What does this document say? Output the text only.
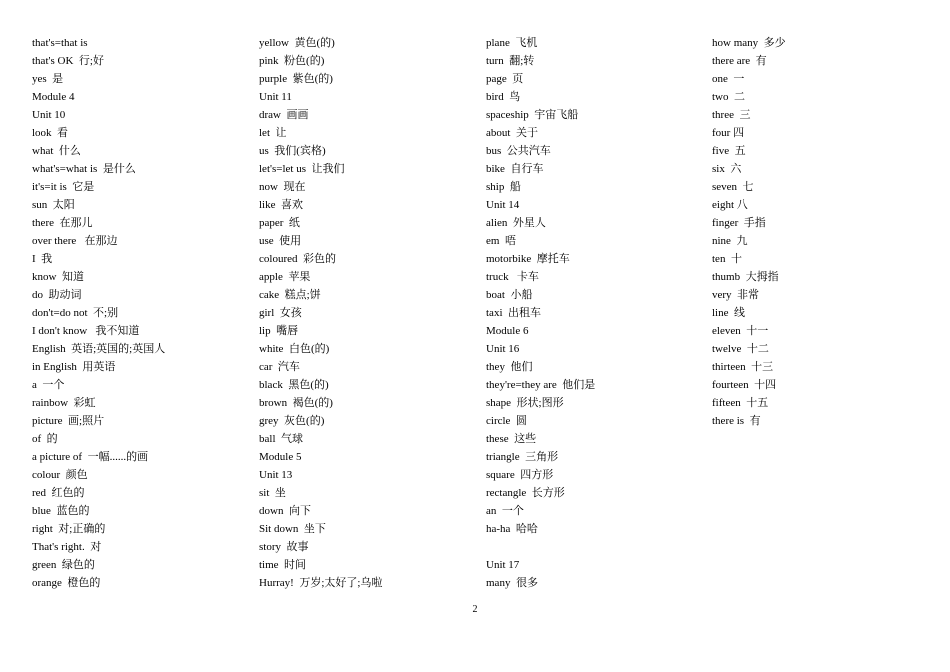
that's=that is
that's OK  行;好
yes  是
Module 4
Unit 10
look  看
what  什么
what's=what is  是什么
it's=it is  它是
sun  太阳
there  在那儿
over there   在那边
I  我
know  知道
do  助动词
don't=do not  不;别
I don't know   我不知道
English  英语;英国的;英国人
in English  用英语
a  一个
rainbow  彩虹
picture  画;照片
of  的
a picture of  一幅......的画
colour  颜色
red  红色的
blue  蓝色的
right  对;正确的
That's right.  对
green  绿色的
orange  橙色的
yellow  黄色(的)
pink  粉色(的)
purple  紫色(的)
Unit 11
draw  画画
let  让
us  我们(宾格)
let's=let us  让我们
now  现在
like  喜欢
paper  纸
use  使用
coloured  彩色的
apple  苹果
cake  糕点;饼
girl  女孩
lip  嘴唇
white  白色(的)
car  汽车
black  黑色(的)
brown  褐色(的)
grey  灰色(的)
ball  气球
Module 5
Unit 13
sit  坐
down  向下
Sit down  坐下
story  故事
time  时间
Hurray!  万岁;太好了;乌啦
plane  飞机
turn  翻;转
page  页
bird  鸟
spaceship  宇宙飞船
about  关于
bus  公共汽车
bike  自行车
ship  船
Unit 14
alien  外星人
em  唔
motorbike  摩托车
truck   卡车
boat  小船
taxi  出租车
Module 6
Unit 16
they  他们
they're=they are  他们是
shape  形状;图形
circle  圆
these  这些
triangle  三角形
square  四方形
rectangle  长方形
an  一个
ha-ha  哈哈
Unit 17
many  很多
how many  多少
there are  有
one  一
two  二
three  三
four 四
five  五
six  六
seven  七
eight 八
finger  手指
nine  九
ten  十
thumb  大拇指
very  非常
line  线
eleven  十一
twelve  十二
thirteen  十三
fourteen  十四
fifteen  十五
there is  有
2
